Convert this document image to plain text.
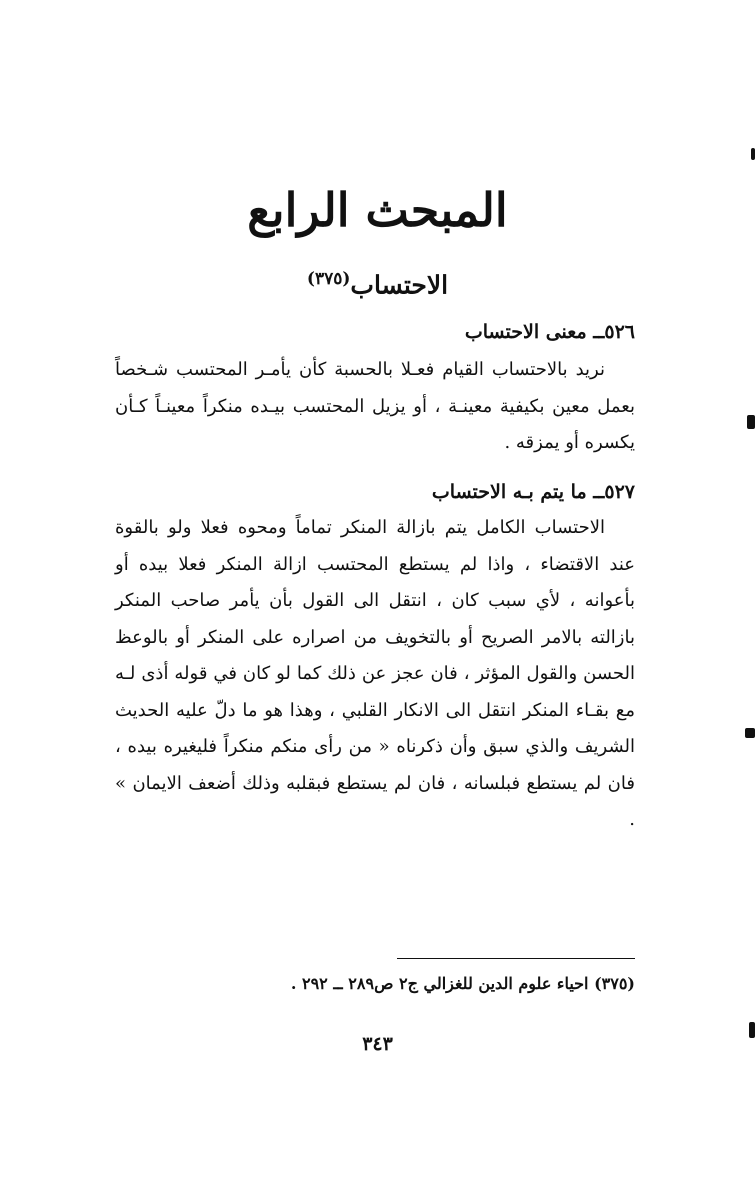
المبحث الرابع
الاحتساب$^{(٣٧٥)}$
٥٢٦ــ معنى الاحتساب

نريد بالاحتساب القيام فعـلا بالحسبة كأن يأمـر المحتسب شـخصاً بعمل معين بكيفية معينـة ، أو يزيل المحتسب بيـده منكراً معينـاً كـأن يكسره أو يمزقه .

٥٢٧ــ ما يتم بـه الاحتساب

الاحتساب الكامل يتم بازالة المنكر تماماً ومحوه فعلا ولو بالقوة عند الاقتضاء ، واذا لم يستطع المحتسب ازالة المنكر فعلا بيده أو بأعوانه ، لأي سبب كان ، انتقل الى القول بأن يأمر صاحب المنكر بازالته بالامر الصريح أو بالتخويف من اصراره على المنكر أو بالوعظ الحسن والقول المؤثر ، فان عجز عن ذلك كما لو كان في قوله أذى لـه مع بقـاء المنكر انتقل الى الانكار القلبي ، وهذا هو ما دلّ عليه الحديث الشريف والذي سبق وأن ذكرناه « من رأى منكم منكراً فليغيره بيده ، فان لم يستطع فبلسانه ، فان لم يستطع فبقلبه وذلك أضعف الايمان » .

(٣٧٥) احياء علوم الدين للغزالي ج٢ ص٢٨٩ ــ ٢٩٢ .
٣٤٣
